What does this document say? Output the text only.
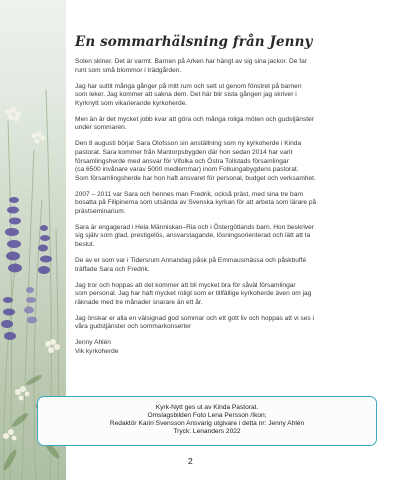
En sommarhälsning från Jenny

Solen skiner. Det är varmt. Barnen på Arken har hängt av sig sina jackor. De far
runt som små blommor i trädgården.

Jag har suttit många gånger på mitt rum och sett ut genom fönstret på barnen
som leker. Jag kommer att sakna dem. Det här blir sista gången jag skriver i
Kyrknytt som vikarierande kyrkoherde.

Men än är det mycket jobb kvar att göra och många roliga möten och gudstjänster
under sommaren.

Den 8 augusti börjar Sara Olofsson sin anställning som ny kyrkoherde i Kinda
pastorat. Sara kommer från Mantorpsbygden där hon sedan 2014 har varit
församlingsherde med ansvar för Vifolka och Östra Tollstads församlingar
(ca 6500 invånare varav 5000 medlemmar) inom Folkungabygdens pastorat.
Som församlingsherde har hon haft ansvaret för personal, budget och verksamhet.

2007 – 2011 var Sara och hennes man Fredrik, också präst, med sina tre barn
bosatta på Filipinerna som utsända av Svenska kyrkan för att arbeta som lärare på
prästseminarium.

Sara är engagerad i Hela Människan–Ria och i Östergötlands barn. Hon beskriver
sig själv som glad, prestigelös, ansvarstagande, lösningsorienterad och lätt att ta
beslut.

De av er som var i Tidersrum Annandag påsk på Emmausmässa och påskbuffé
träffade Sara och Fredrik.

Jag tror och hoppas att det kommer att bli mycket bra för såväl församlingar
som personal. Jag har haft mycket roligt som er tillfällige kyrkoherde även om jag
räknade med tre månader snarare än ett år.

Jag önskar er alla en välsignad god sommar och ett gott liv och hoppas att vi ses i
våra gudstjänster och sommarkonserter

Jenny Ahlén
Vik kyrkoherde

Kyrk-Nytt ges ut av Kinda Pastorat.
Omslagsbilden Foto Lena Persson /Ikon;
Redaktör Karin Svensson Ansvarig utgivare i detta nr: Jenny Ahlén
Tryck: Lenanders 2022
2
